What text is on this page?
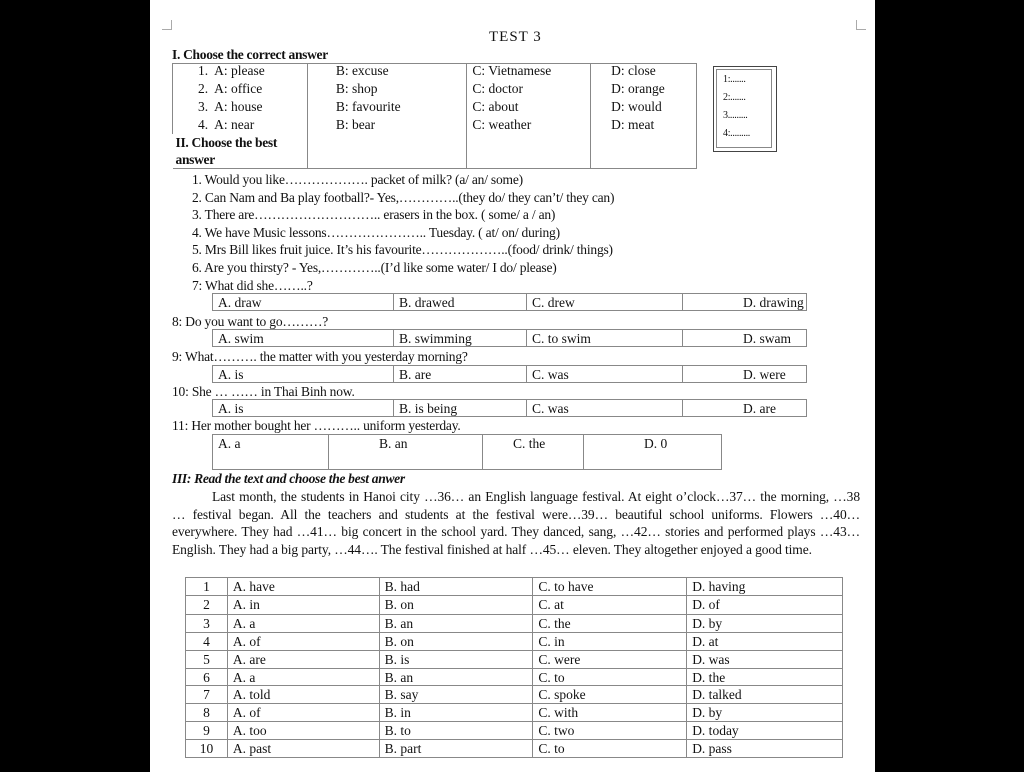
TEST 3
I. Choose the correct answer
1. A: please	B: excuse	C: Vietnamese	D: close
2. A: office	B: shop	C: doctor	D: orange
3. A: house	B: favourite	C: about	D: would
4. A: near	B: bear	C: weather	D: meat

II. Choose the best
answer			

1:.......
2:.......
3.........
4:.........
1. Would you like………………. packet of milk? (a/ an/ some)
2. Can Nam and Ba play football?- Yes,…………..(they do/ they can’t/ they can)
3. There are……………………….. erasers in the box. ( some/ a / an)
4. We have Music lessons………………….. Tuesday. ( at/ on/ during)
5. Mrs Bill likes fruit juice. It’s his favourite………………..(food/ drink/ things)
6. Are you thirsty? - Yes,…………..(I’d like some water/ I do/ please)
7: What did she……..?
A. draw	B. drawed	C. drew	D. drawing
8: Do you want to go………?
A. swim	B. swimming	C. to swim	D. swam
9: What………. the matter with you yesterday morning?
A. is	B. are	C. was	D. were
10: She … …… in Thai Binh now.
A. is	B. is being	C. was	D. are
11: Her mother bought her ……….. uniform yesterday.
A. a	B. an	C. the	D. 0
III: Read the text and choose the best anwer
Last month, the students in Hanoi city …36… an English language festival. At eight o’clock…37… the morning, …38 … festival began. All the teachers and students at the festival were…39… beautiful school uniforms. Flowers …40… everywhere. They had …41… big concert in the school yard. They danced, sang, …42… stories and performed plays …43… English. They had a big party, …44…. The festival finished at half …45… eleven. They altogether enjoyed a good time.
1	A. have	B. had	C. to have	D. having
2	A. in	B. on	C. at	D. of
3	A. a	B. an	C. the	D. by
4	A. of	B. on	C. in	D. at
5	A. are	B. is	C. were	D. was
6	A. a	B. an	C. to	D. the
7	A. told	B. say	C. spoke	D. talked
8	A. of	B. in	C. with	D. by
9	A. too	B. to	C. two	D. today
10	A. past	B. part	C. to	D. pass
